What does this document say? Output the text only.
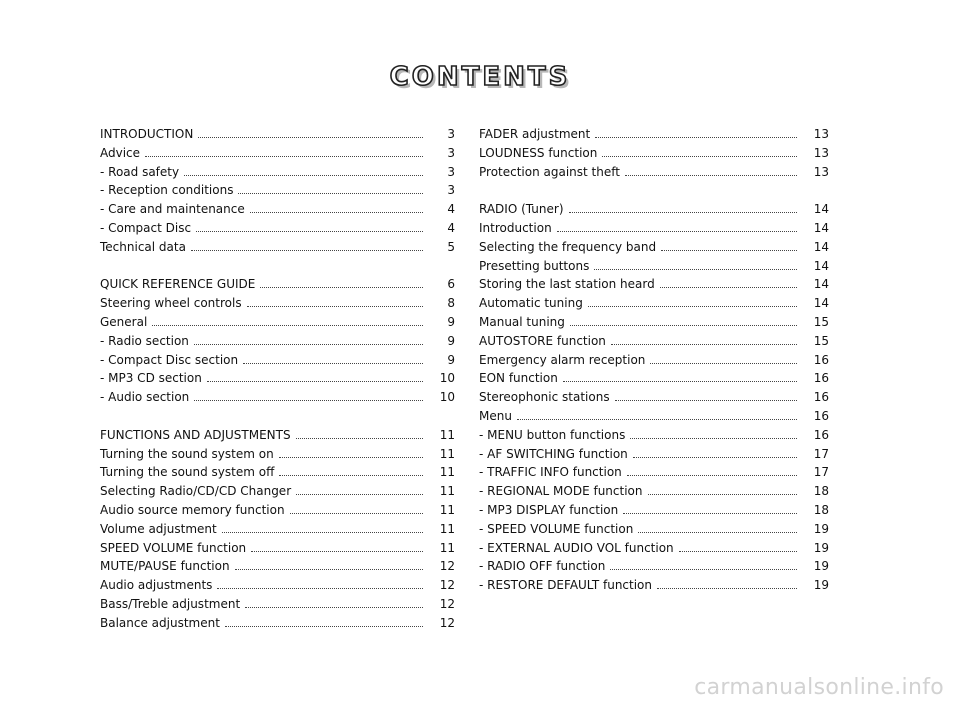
CONTENTS
INTRODUCTION	3
Advice	3
- Road safety	3
- Reception conditions	3
- Care and maintenance	4
- Compact Disc	4
Technical data	5
QUICK REFERENCE GUIDE	6
Steering wheel controls	8
General	9
- Radio section	9
- Compact Disc section	9
- MP3 CD section	10
- Audio section	10
FUNCTIONS AND ADJUSTMENTS	11
Turning the sound system on	11
Turning the sound system off	11
Selecting Radio/CD/CD Changer	11
Audio source memory function	11
Volume adjustment	11
SPEED VOLUME function	11
MUTE/PAUSE function	12
Audio adjustments	12
Bass/Treble adjustment	12
Balance adjustment	12
FADER adjustment	13
LOUDNESS function	13
Protection against theft	13
RADIO (Tuner)	14
Introduction	14
Selecting the frequency band	14
Presetting buttons	14
Storing the last station heard	14
Automatic tuning	14
Manual tuning	15
AUTOSTORE function	15
Emergency alarm reception	16
EON function	16
Stereophonic stations	16
Menu	16
- MENU button functions	16
- AF SWITCHING function	17
- TRAFFIC INFO function	17
- REGIONAL MODE function	18
- MP3 DISPLAY function	18
- SPEED VOLUME function	19
- EXTERNAL AUDIO VOL function	19
- RADIO OFF function	19
- RESTORE DEFAULT function	19
carmanualsonline.info
